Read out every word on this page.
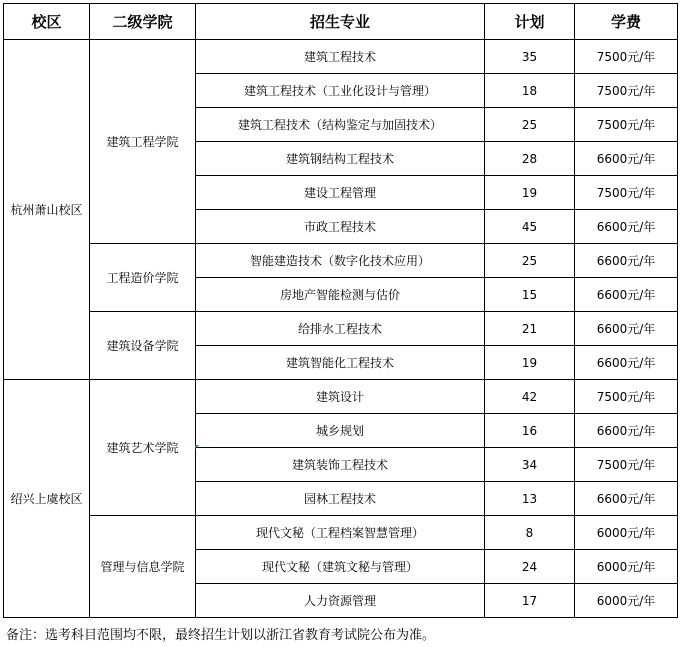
校区	二级学院	招生专业	计划	学费
杭州萧山校区	建筑工程学院	建筑工程技术	35	7500元/年
		建筑工程技术（工业化设计与管理）	18	7500元/年
		建筑工程技术（结构鉴定与加固技术）	25	7500元/年
		建筑钢结构工程技术	28	6600元/年
		建设工程管理	19	7500元/年
		市政工程技术	45	6600元/年
	工程造价学院	智能建造技术（数字化技术应用）	25	6600元/年
		房地产智能检测与估价	15	6600元/年
	建筑设备学院	给排水工程技术	21	6600元/年
		建筑智能化工程技术	19	6600元/年
绍兴上虞校区	建筑艺术学院	建筑设计	42	7500元/年
		城乡规划	16	6600元/年
		建筑装饰工程技术	34	7500元/年
		园林工程技术	13	6600元/年
	管理与信息学院	现代文秘（工程档案智慧管理）	8	6000元/年
		现代文秘（建筑文秘与管理）	24	6000元/年
		人力资源管理	17	6000元/年
备注：选考科目范围均不限，最终招生计划以浙江省教育考试院公布为准。
